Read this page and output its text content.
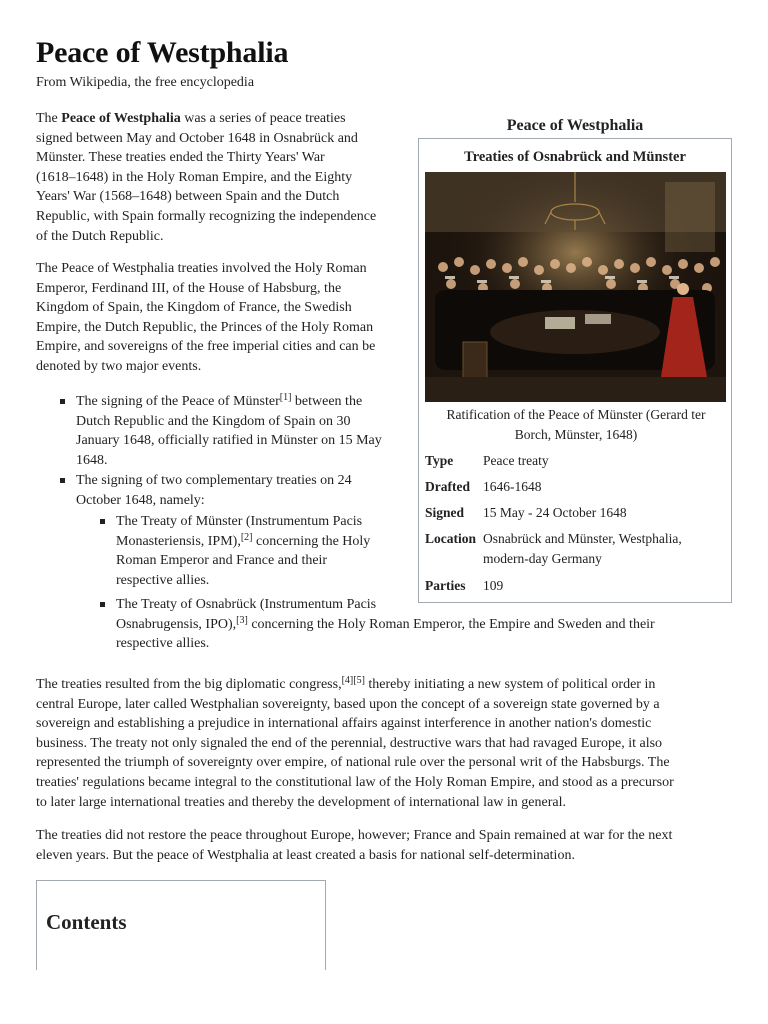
Peace of Westphalia
From Wikipedia, the free encyclopedia
The Peace of Westphalia was a series of peace treaties
signed between May and October 1648 in Osnabrück and
Münster. These treaties ended the Thirty Years' War
(1618–1648) in the Holy Roman Empire, and the Eighty
Years' War (1568–1648) between Spain and the Dutch
Republic, with Spain formally recognizing the independence
of the Dutch Republic.
The Peace of Westphalia treaties involved the Holy Roman
Emperor, Ferdinand III, of the House of Habsburg, the
Kingdom of Spain, the Kingdom of France, the Swedish
Empire, the Dutch Republic, the Princes of the Holy Roman
Empire, and sovereigns of the free imperial cities and can be
denoted by two major events.
The signing of the Peace of Münster[1] between the
Dutch Republic and the Kingdom of Spain on 30
January 1648, officially ratified in Münster on 15 May
1648.
The signing of two complementary treaties on 24
October 1648, namely:
The Treaty of Münster (Instrumentum Pacis
Monasteriensis, IPM),[2] concerning the Holy
Roman Emperor and France and their
respective allies.
The Treaty of Osnabrück (Instrumentum Pacis
Osnabrugensis, IPO),[3] concerning the Holy Roman Emperor, the Empire and Sweden and their
respective allies.
The treaties resulted from the big diplomatic congress,[4][5] thereby initiating a new system of political order in
central Europe, later called Westphalian sovereignty, based upon the concept of a sovereign state governed by a
sovereign and establishing a prejudice in international affairs against interference in another nation's domestic
business. The treaty not only signaled the end of the perennial, destructive wars that had ravaged Europe, it also
represented the triumph of sovereignty over empire, of national rule over the personal writ of the Habsburgs. The
treaties' regulations became integral to the constitutional law of the Holy Roman Empire, and stood as a precursor
to later large international treaties and thereby the development of international law in general.
The treaties did not restore the peace throughout Europe, however; France and Spain remained at war for the next
eleven years. But the peace of Westphalia at least created a basis for national self-determination.
Peace of Westphalia
Treaties of Osnabrück and Münster
Ratification of the Peace of Münster (Gerard ter
Borch, Münster, 1648)
Type Peace treaty
Drafted 1646-1648
Signed 15 May - 24 October 1648
Location Osnabrück and Münster, Westphalia,
modern-day Germany
Parties 109
Contents
